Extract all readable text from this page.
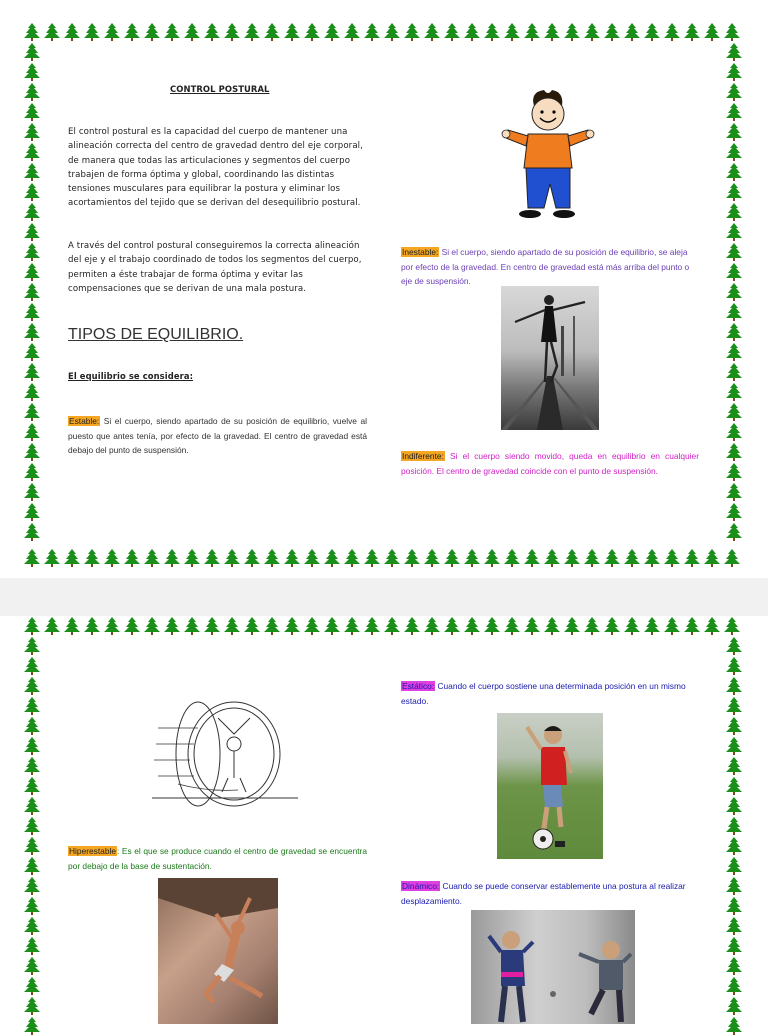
CONTROL POSTURAL
El control postural es la capacidad del cuerpo de mantener una alineación correcta del centro de gravedad dentro del eje corporal, de manera que todas las articulaciones y segmentos del cuerpo trabajen de forma óptima y global, coordinando las distintas tensiones musculares para equilibrar la postura y eliminar los acortamientos del tejido que se derivan del desequilibrio postural.
A través del control postural conseguiremos la correcta alineación del eje y el trabajo coordinado de todos los segmentos del cuerpo, permiten a éste trabajar de forma óptima y evitar las compensaciones que se derivan de una mala postura.
TIPOS DE EQUILIBRIO.
El equilibrio se considera:
Estable: Si el cuerpo, siendo apartado de su posición de equilibrio, vuelve al puesto que antes tenía, por efecto de la gravedad. El centro de gravedad está debajo del punto de suspensión.
Inestable: Si el cuerpo, siendo apartado de su posición de equilibrio, se aleja por efecto de la gravedad. En centro de gravedad está más arriba del punto o eje de suspensión.
Indiferente: Si el cuerpo siendo movido, queda en equilibrio en cualquier posición. El centro de gravedad coincide con el punto de suspensión.
Estático: Cuando el cuerpo sostiene una determinada posición en un mismo estado.
Hiperestable: Es el que se produce cuando el centro de gravedad se encuentra por debajo de la base de sustentación.
Dinámico: Cuando se puede conservar establemente una postura al realizar desplazamiento.
